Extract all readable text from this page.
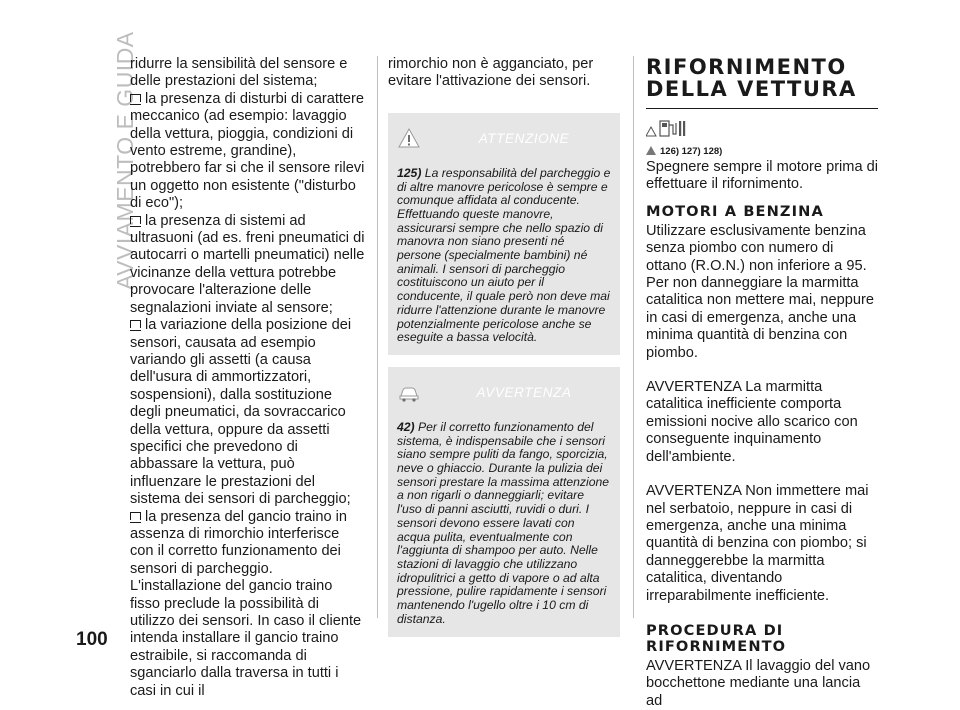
AVVIAMENTO E GUIDA
100

ridurre la sensibilità del sensore e delle prestazioni del sistema;

la presenza di disturbi di carattere meccanico (ad esempio: lavaggio della vettura, pioggia, condizioni di vento estreme, grandine), potrebbero far si che il sensore rilevi un oggetto non esistente ("disturbo di eco");

la presenza di sistemi ad ultrasuoni (ad es. freni pneumatici di autocarri o martelli pneumatici) nelle vicinanze della vettura potrebbe provocare l'alterazione delle segnalazioni inviate al sensore;

la variazione della posizione dei sensori, causata ad esempio variando gli assetti (a causa dell'usura di ammortizzatori, sospensioni), dalla sostituzione degli pneumatici, da sovraccarico della vettura, oppure da assetti specifici che prevedono di abbassare la vettura, può influenzare le prestazioni del sistema dei sensori di parcheggio;

la presenza del gancio traino in assenza di rimorchio interferisce con il corretto funzionamento dei sensori di parcheggio. L'installazione del gancio traino fisso preclude la possibilità di utilizzo dei sensori. In caso il cliente intenda installare il gancio traino estraibile, si raccomanda di sganciarlo dalla traversa in tutti i casi in cui il

rimorchio non è agganciato, per evitare l'attivazione dei sensori.

ATTENZIONE
125) La responsabilità del parcheggio e di altre manovre pericolose è sempre e comunque affidata al conducente. Effettuando queste manovre, assicurarsi sempre che nello spazio di manovra non siano presenti né persone (specialmente bambini) né animali. I sensori di parcheggio costituiscono un aiuto per il conducente, il quale però non deve mai ridurre l'attenzione durante le manovre potenzialmente pericolose anche se eseguite a bassa velocità.
AVVERTENZA
42) Per il corretto funzionamento del sistema, è indispensabile che i sensori siano sempre puliti da fango, sporcizia, neve o ghiaccio. Durante la pulizia dei sensori prestare la massima attenzione a non rigarli o danneggiarli; evitare l'uso di panni asciutti, ruvidi o duri. I sensori devono essere lavati con acqua pulita, eventualmente con l'aggiunta di shampoo per auto. Nelle stazioni di lavaggio che utilizzano idropulitrici a getto di vapore o ad alta pressione, pulire rapidamente i sensori mantenendo l'ugello oltre i 10 cm di distanza.
RIFORNIMENTO
DELLA VETTURA
126) 127) 128)

Spegnere sempre il motore prima di effettuare il rifornimento.

MOTORI A BENZINA

Utilizzare esclusivamente benzina senza piombo con numero di ottano (R.O.N.) non inferiore a 95. Per non danneggiare la marmitta catalitica non mettere mai, neppure in casi di emergenza, anche una minima quantità di benzina con piombo.

AVVERTENZA La marmitta catalitica inefficiente comporta emissioni nocive allo scarico con conseguente inquinamento dell'ambiente.

AVVERTENZA Non immettere mai nel serbatoio, neppure in casi di emergenza, anche una minima quantità di benzina con piombo; si danneggerebbe la marmitta catalitica, diventando irreparabilmente inefficiente.

PROCEDURA DI
RIFORNIMENTO

AVVERTENZA Il lavaggio del vano bocchettone mediante una lancia ad
